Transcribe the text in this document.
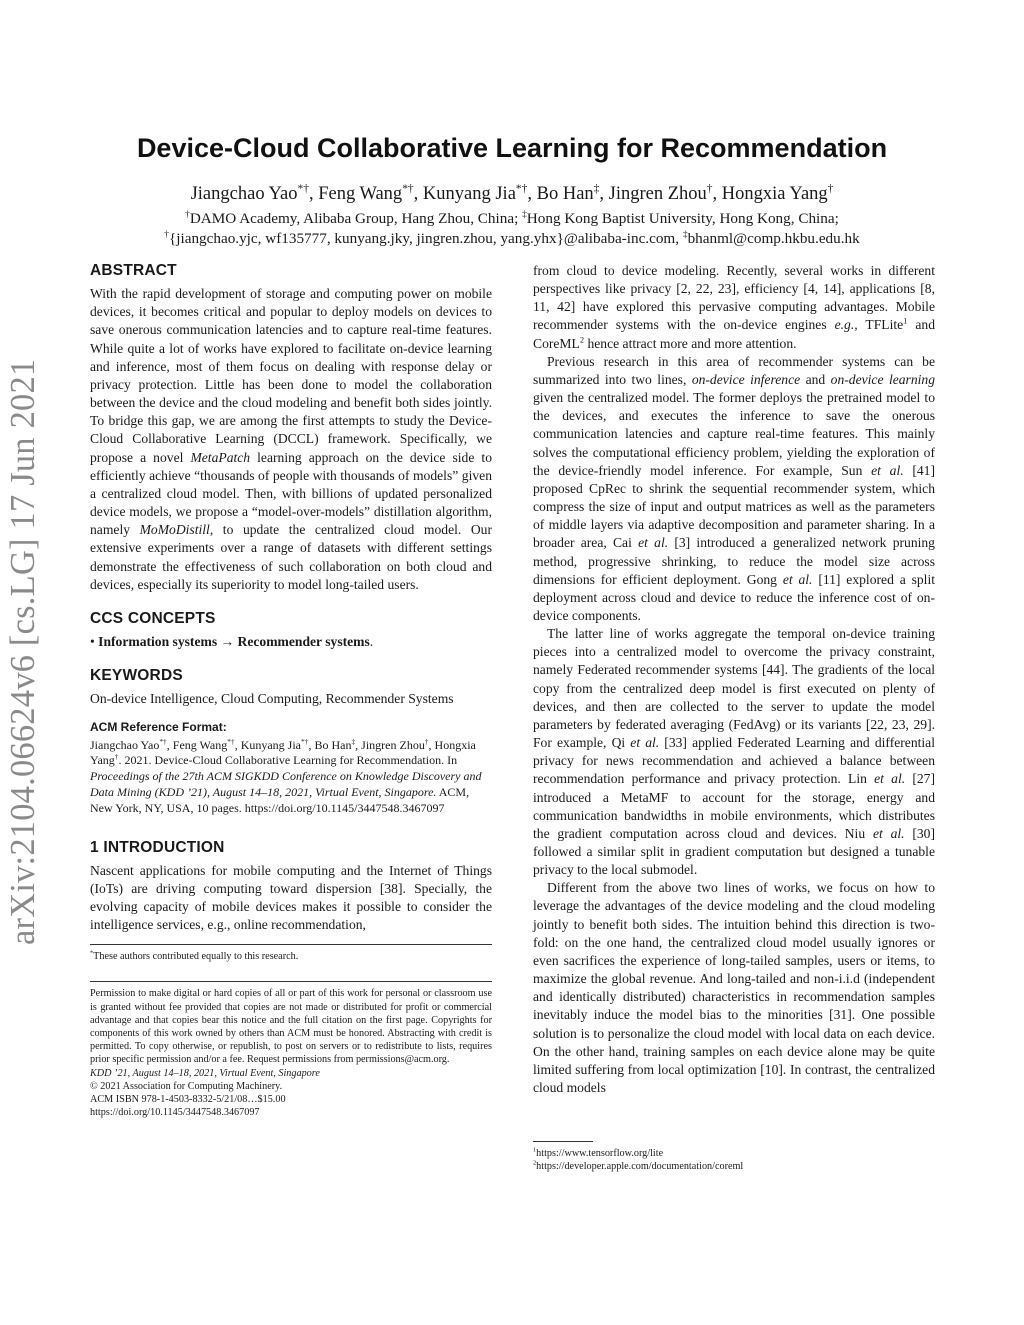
arXiv:2104.06624v6 [cs.LG] 17 Jun 2021
Device-Cloud Collaborative Learning for Recommendation
Jiangchao Yao*†, Feng Wang*†, Kunyang Jia*†, Bo Han‡, Jingren Zhou†, Hongxia Yang†
†DAMO Academy, Alibaba Group, Hang Zhou, China; ‡Hong Kong Baptist University, Hong Kong, China;
†{jiangchao.yjc, wf135777, kunyang.jky, jingren.zhou, yang.yhx}@alibaba-inc.com, ‡bhanml@comp.hkbu.edu.hk
ABSTRACT

With the rapid development of storage and computing power on mobile devices, it becomes critical and popular to deploy models on devices to save onerous communication latencies and to capture real-time features. While quite a lot of works have explored to facilitate on-device learning and inference, most of them focus on dealing with response delay or privacy protection. Little has been done to model the collaboration between the device and the cloud modeling and benefit both sides jointly. To bridge this gap, we are among the first attempts to study the Device-Cloud Collaborative Learning (DCCL) framework. Specifically, we propose a novel MetaPatch learning approach on the device side to efficiently achieve “thousands of people with thousands of models” given a centralized cloud model. Then, with billions of updated personalized device models, we propose a “model-over-models” distillation algorithm, namely MoMoDistill, to update the centralized cloud model. Our extensive experiments over a range of datasets with different settings demonstrate the effectiveness of such collaboration on both cloud and devices, especially its superiority to model long-tailed users.

CCS CONCEPTS

• Information systems → Recommender systems.

KEYWORDS

On-device Intelligence, Cloud Computing, Recommender Systems

ACM Reference Format:
Jiangchao Yao*†, Feng Wang*†, Kunyang Jia*†, Bo Han‡, Jingren Zhou†, Hongxia Yang†. 2021. Device-Cloud Collaborative Learning for Recommendation. In Proceedings of the 27th ACM SIGKDD Conference on Knowledge Discovery and Data Mining (KDD ’21), August 14–18, 2021, Virtual Event, Singapore. ACM, New York, NY, USA, 10 pages. https://doi.org/10.1145/3447548.3467097
1 INTRODUCTION

Nascent applications for mobile computing and the Internet of Things (IoTs) are driving computing toward dispersion [38]. Specially, the evolving capacity of mobile devices makes it possible to consider the intelligence services, e.g., online recommendation,

*These authors contributed equally to this research.
Permission to make digital or hard copies of all or part of this work for personal or classroom use is granted without fee provided that copies are not made or distributed for profit or commercial advantage and that copies bear this notice and the full citation on the first page. Copyrights for components of this work owned by others than ACM must be honored. Abstracting with credit is permitted. To copy otherwise, or republish, to post on servers or to redistribute to lists, requires prior specific permission and/or a fee. Request permissions from permissions@acm.org.
KDD ’21, August 14–18, 2021, Virtual Event, Singapore
© 2021 Association for Computing Machinery.
ACM ISBN 978-1-4503-8332-5/21/08…$15.00
https://doi.org/10.1145/3447548.3467097

from cloud to device modeling. Recently, several works in different perspectives like privacy [2, 22, 23], efficiency [4, 14], applications [8, 11, 42] have explored this pervasive computing advantages. Mobile recommender systems with the on-device engines e.g., TFLite$^1$ and CoreML$^2$ hence attract more and more attention.

Previous research in this area of recommender systems can be summarized into two lines, on-device inference and on-device learning given the centralized model. The former deploys the pretrained model to the devices, and executes the inference to save the onerous communication latencies and capture real-time features. This mainly solves the computational efficiency problem, yielding the exploration of the device-friendly model inference. For example, Sun et al. [41] proposed CpRec to shrink the sequential recommender system, which compress the size of input and output matrices as well as the parameters of middle layers via adaptive decomposition and parameter sharing. In a broader area, Cai et al. [3] introduced a generalized network pruning method, progressive shrinking, to reduce the model size across dimensions for efficient deployment. Gong et al. [11] explored a split deployment across cloud and device to reduce the inference cost of on-device components.

The latter line of works aggregate the temporal on-device training pieces into a centralized model to overcome the privacy constraint, namely Federated recommender systems [44]. The gradients of the local copy from the centralized deep model is first executed on plenty of devices, and then are collected to the server to update the model parameters by federated averaging (FedAvg) or its variants [22, 23, 29]. For example, Qi et al. [33] applied Federated Learning and differential privacy for news recommendation and achieved a balance between recommendation performance and privacy protection. Lin et al. [27] introduced a MetaMF to account for the storage, energy and communication bandwidths in mobile environments, which distributes the gradient computation across cloud and devices. Niu et al. [30] followed a similar split in gradient computation but designed a tunable privacy to the local submodel.

Different from the above two lines of works, we focus on how to leverage the advantages of the device modeling and the cloud modeling jointly to benefit both sides. The intuition behind this direction is two-fold: on the one hand, the centralized cloud model usually ignores or even sacrifices the experience of long-tailed samples, users or items, to maximize the global revenue. And long-tailed and non-i.i.d (independent and identically distributed) characteristics in recommendation samples inevitably induce the model bias to the minorities [31]. One possible solution is to personalize the cloud model with local data on each device. On the other hand, training samples on each device alone may be quite limited suffering from local optimization [10]. In contrast, the centralized cloud models

$^1$https://www.tensorflow.org/lite
$^2$https://developer.apple.com/documentation/coreml
